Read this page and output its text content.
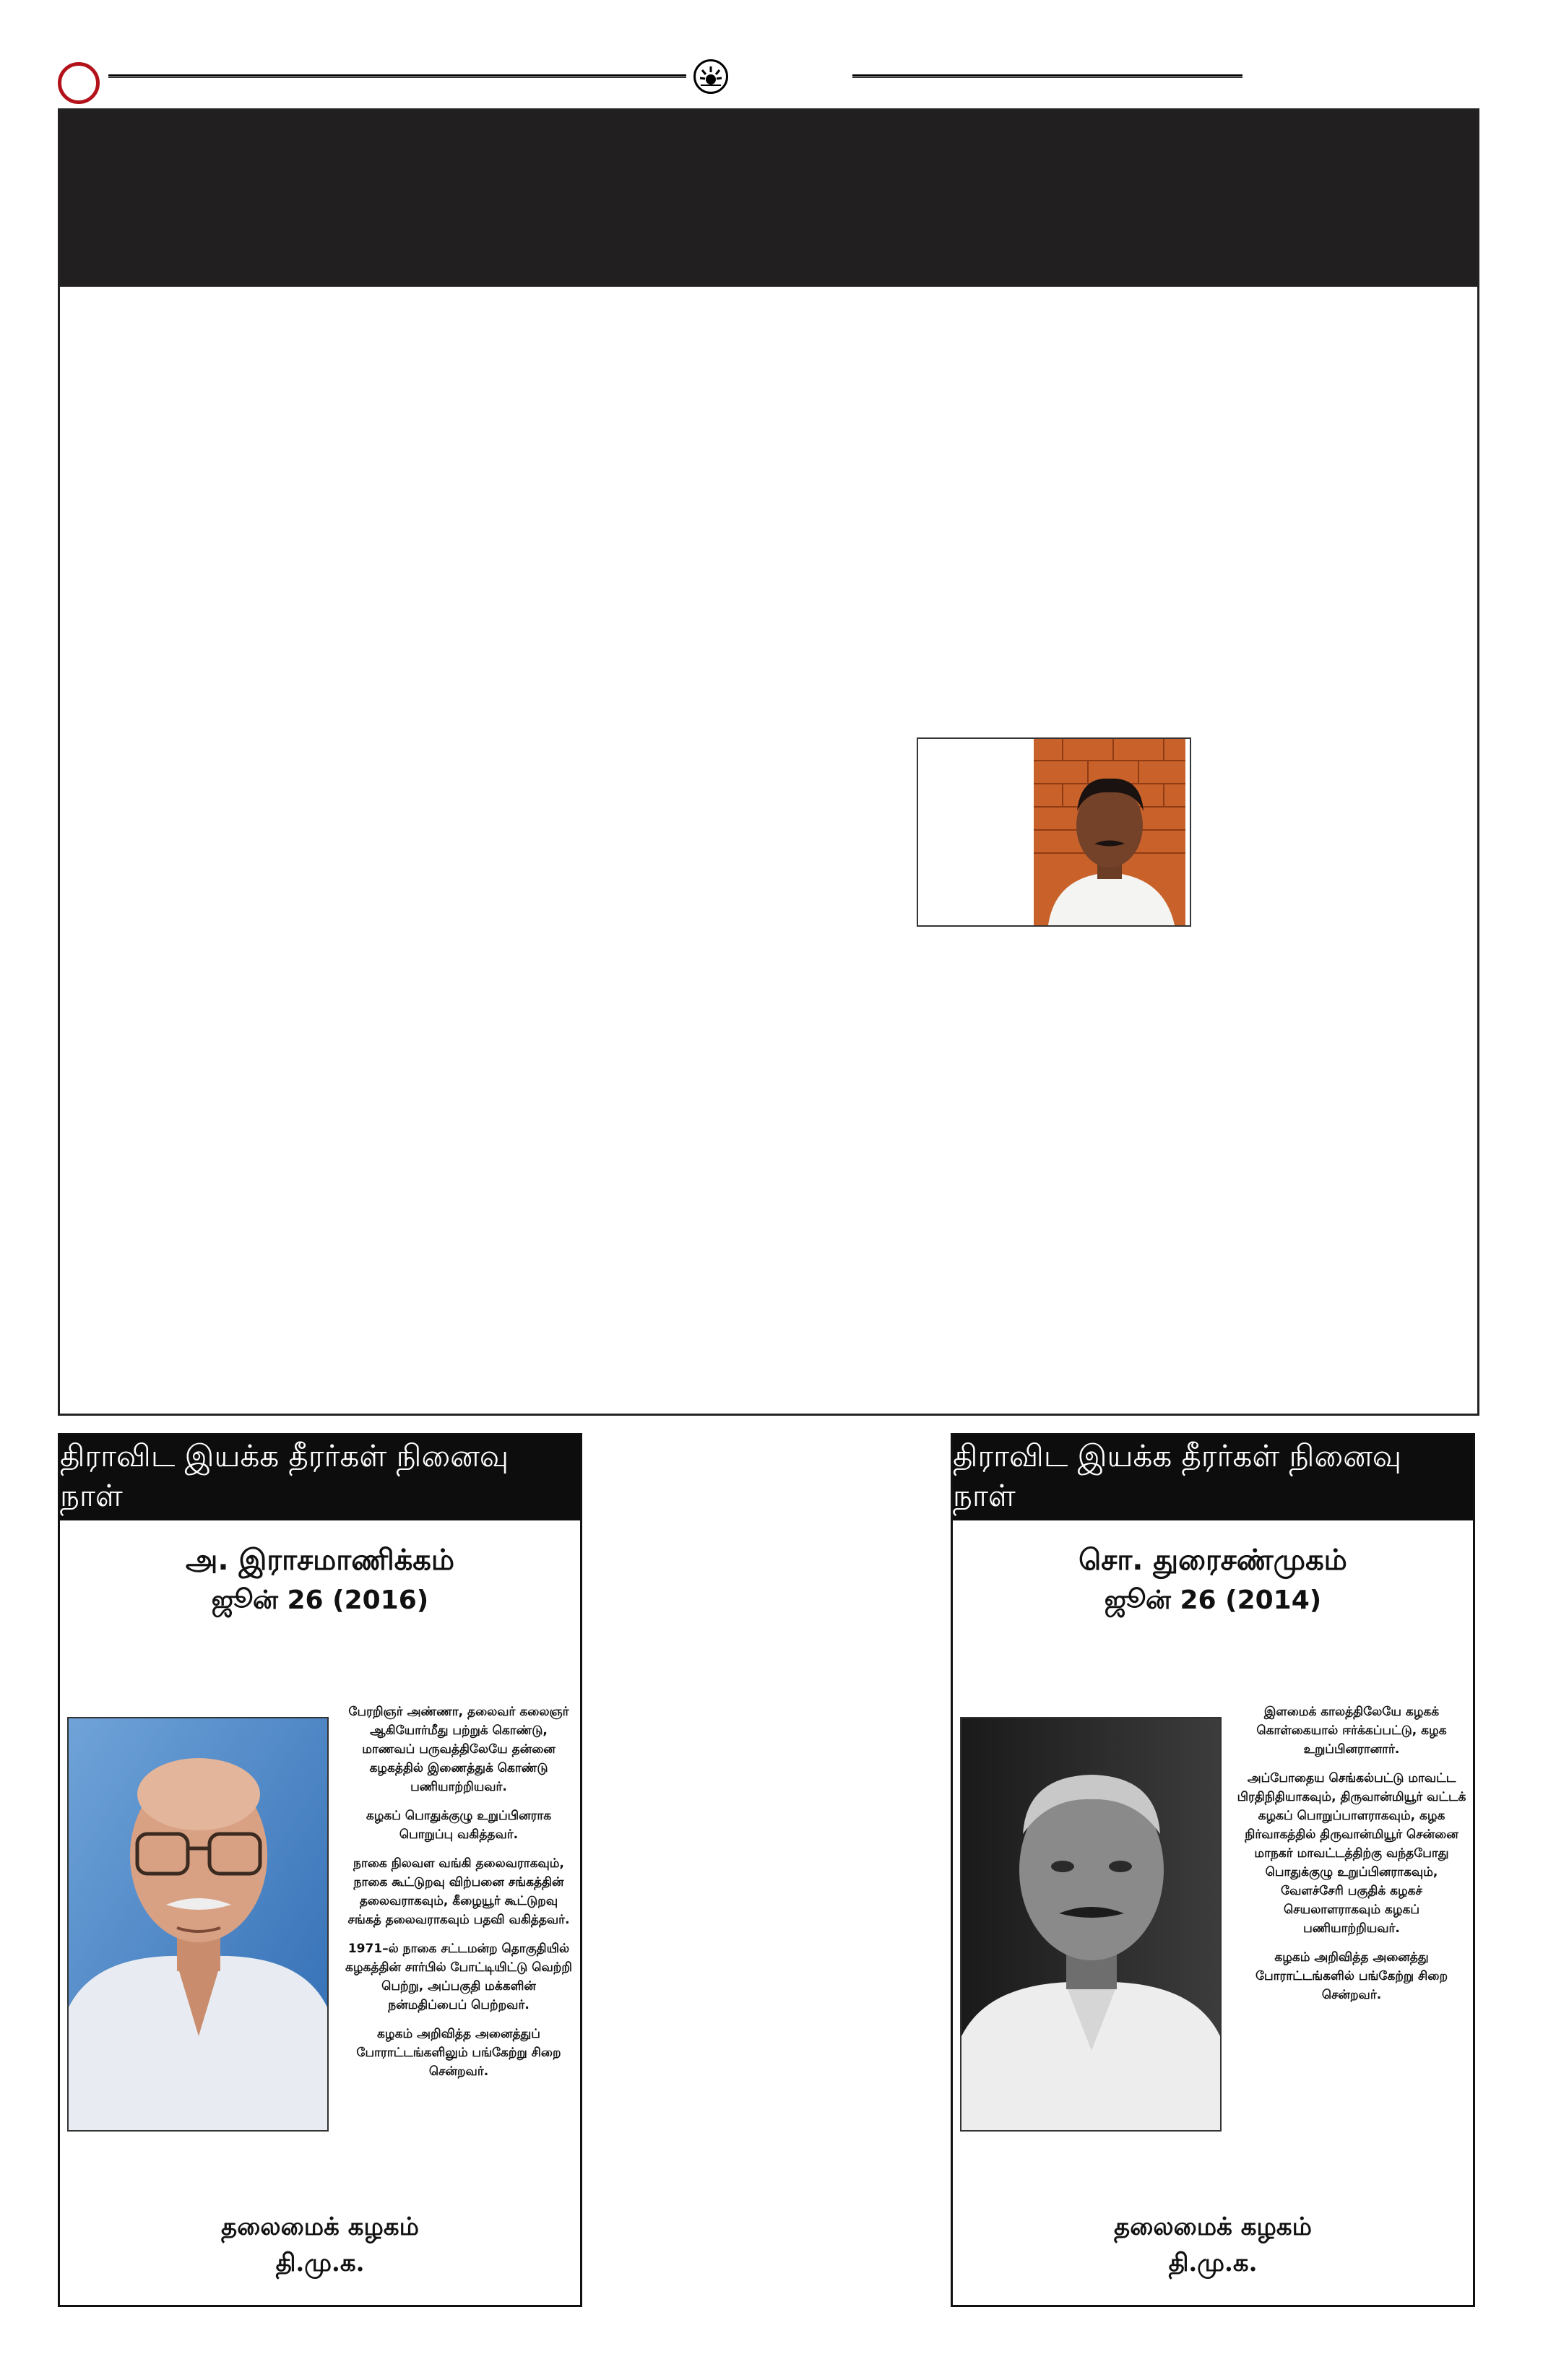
திராவிட இயக்க தீரர்கள் நினைவு நாள்
அ. இராசமாணிக்கம்
ஜூன் 26 (2016)

பேரறிஞர் அண்ணா, தலைவர் கலைஞர் ஆகியோர்மீது பற்றுக் கொண்டு, மாணவப் பருவத்திலேயே தன்னை கழகத்தில் இணைத்துக் கொண்டு பணியாற்றியவர்.

கழகப் பொதுக்குழு உறுப்பினராக பொறுப்பு வகித்தவர்.

நாகை நிலவள வங்கி தலைவராகவும், நாகை கூட்டுறவு விற்பனை சங்கத்தின் தலைவராகவும், கீழையூர் கூட்டுறவு சங்கத் தலைவராகவும் பதவி வகித்தவர்.

1971–ல் நாகை சட்டமன்ற தொகுதியில் கழகத்தின் சார்பில் போட்டியிட்டு வெற்றி பெற்று, அப்பகுதி மக்களின் நன்மதிப்பைப் பெற்றவர்.

கழகம் அறிவித்த அனைத்துப் போராட்டங்களிலும் பங்கேற்று சிறை சென்றவர்.

தலைமைக் கழகம்
தி.மு.க.
திராவிட இயக்க தீரர்கள் நினைவு நாள்
சொ. துரைசண்முகம்
ஜூன் 26 (2014)

இளமைக் காலத்திலேயே கழகக் கொள்கையால் ஈர்க்கப்பட்டு, கழக உறுப்பினரானார்.

அப்போதைய செங்கல்பட்டு மாவட்ட பிரதிநிதியாகவும், திருவான்மியூர் வட்டக் கழகப் பொறுப்பாளராகவும், கழக நிர்வாகத்தில் திருவான்மியூர் சென்னை மாநகர் மாவட்டத்திற்கு வந்தபோது பொதுக்குழு உறுப்பினராகவும், வேளச்சேரி பகுதிக் கழகச் செயலாளராகவும் கழகப் பணியாற்றியவர்.

கழகம் அறிவித்த அனைத்து போராட்டங்களில் பங்கேற்று சிறை சென்றவர்.

தலைமைக் கழகம்
தி.மு.க.
